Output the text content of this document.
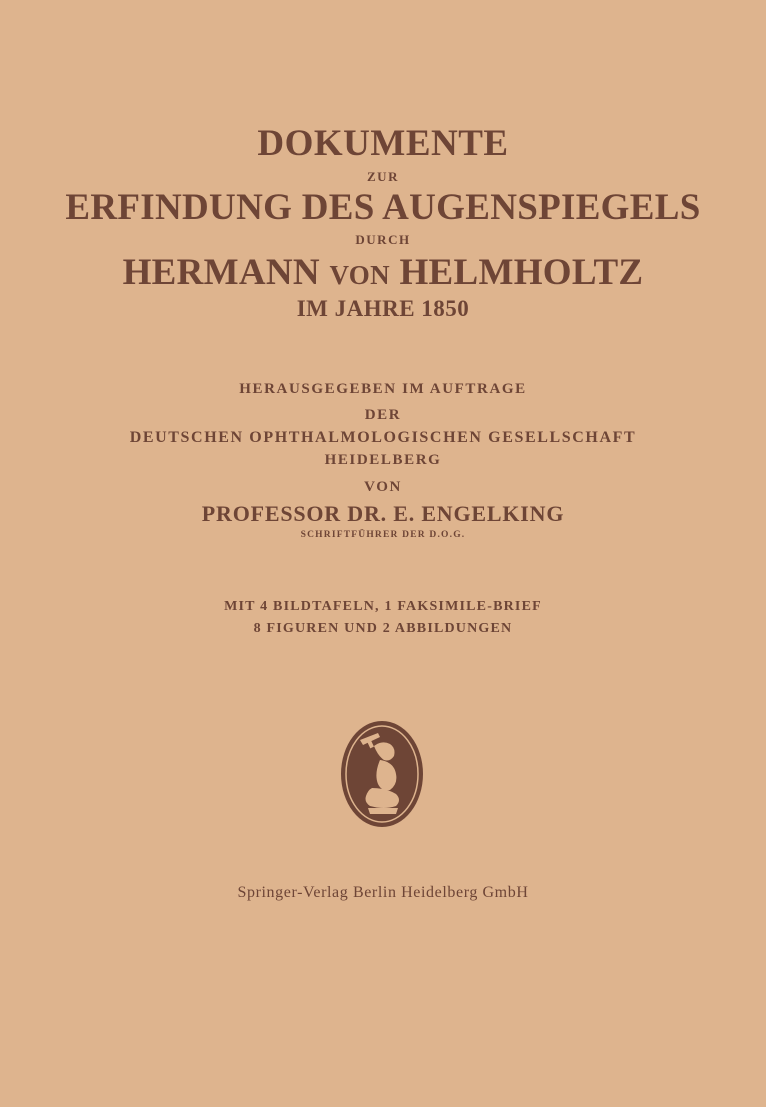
DOKUMENTE
ZUR
ERFINDUNG DES AUGENSPIEGELS
DURCH
HERMANN VON HELMHOLTZ
IM JAHRE 1850
HERAUSGEGEBEN IM AUFTRAGE
DER
DEUTSCHEN OPHTHALMOLOGISCHEN GESELLSCHAFT
HEIDELBERG
VON
PROFESSOR DR. E. ENGELKING
SCHRIFTFÜHRER DER D.O.G.
MIT 4 BILDTAFELN, 1 FAKSIMILE-BRIEF
8 FIGUREN UND 2 ABBILDUNGEN
Springer-Verlag Berlin Heidelberg GmbH
